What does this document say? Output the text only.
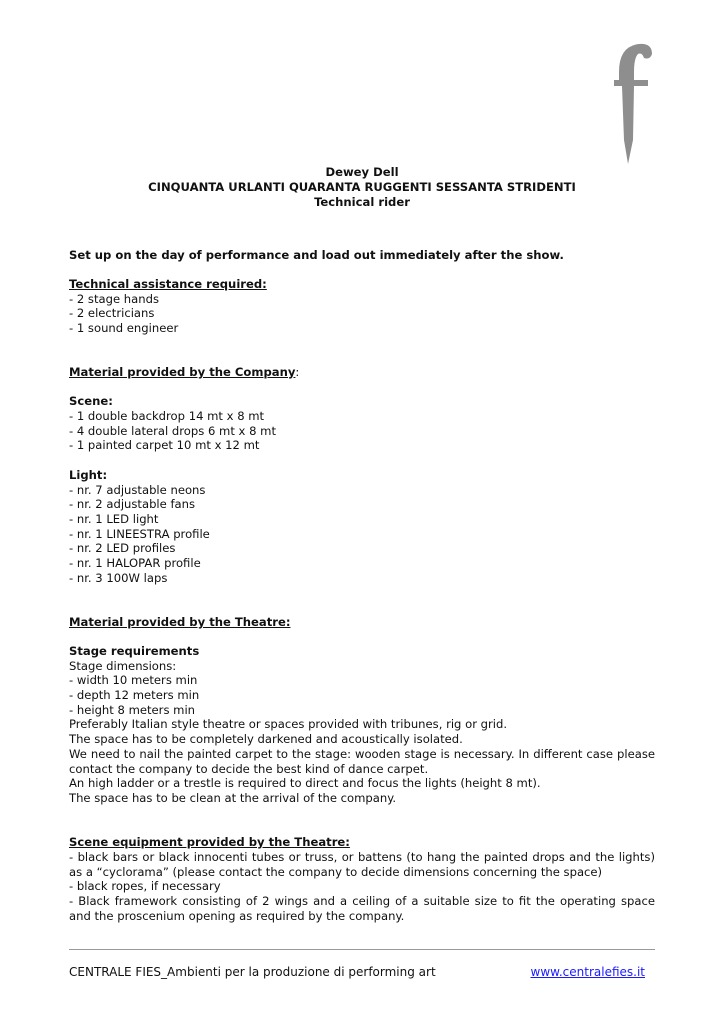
Dewey Dell
CINQUANTA URLANTI QUARANTA RUGGENTI SESSANTA STRIDENTI
Technical rider
Set up on the day of performance and load out immediately after the show.
Technical assistance required:
- 2 stage hands
- 2 electricians
- 1 sound engineer
Material provided by the Company:
Scene:
- 1 double backdrop 14 mt x 8 mt
- 4 double lateral drops 6 mt x 8 mt
- 1 painted carpet 10 mt x 12 mt
Light:
- nr. 7 adjustable neons
- nr. 2 adjustable fans
- nr. 1 LED light
- nr. 1 LINEESTRA profile
- nr. 2 LED profiles
- nr. 1 HALOPAR profile
- nr. 3 100W laps
Material provided by the Theatre:
Stage requirements
Stage dimensions:
- width 10 meters min
- depth 12 meters min
- height 8 meters min
Preferably Italian style theatre or spaces provided with tribunes, rig or grid.
The space has to be completely darkened and acoustically isolated.
We need to nail the painted carpet to the stage: wooden stage is necessary. In different case please contact the company to decide the best kind of dance carpet.
An high ladder or a trestle is required to direct and focus the lights (height 8 mt).
The space has to be clean at the arrival of the company.
Scene equipment provided by the Theatre:
- black bars or black innocenti tubes or truss, or battens (to hang the painted drops and the lights) as a “cyclorama” (please contact the company to decide dimensions concerning the space)
- black ropes, if necessary
- Black framework consisting of 2 wings and a ceiling of a suitable size to fit the operating space and the proscenium opening as required by the company.
CENTRALE FIES_Ambienti per la produzione di performing art	www.centralefies.it
